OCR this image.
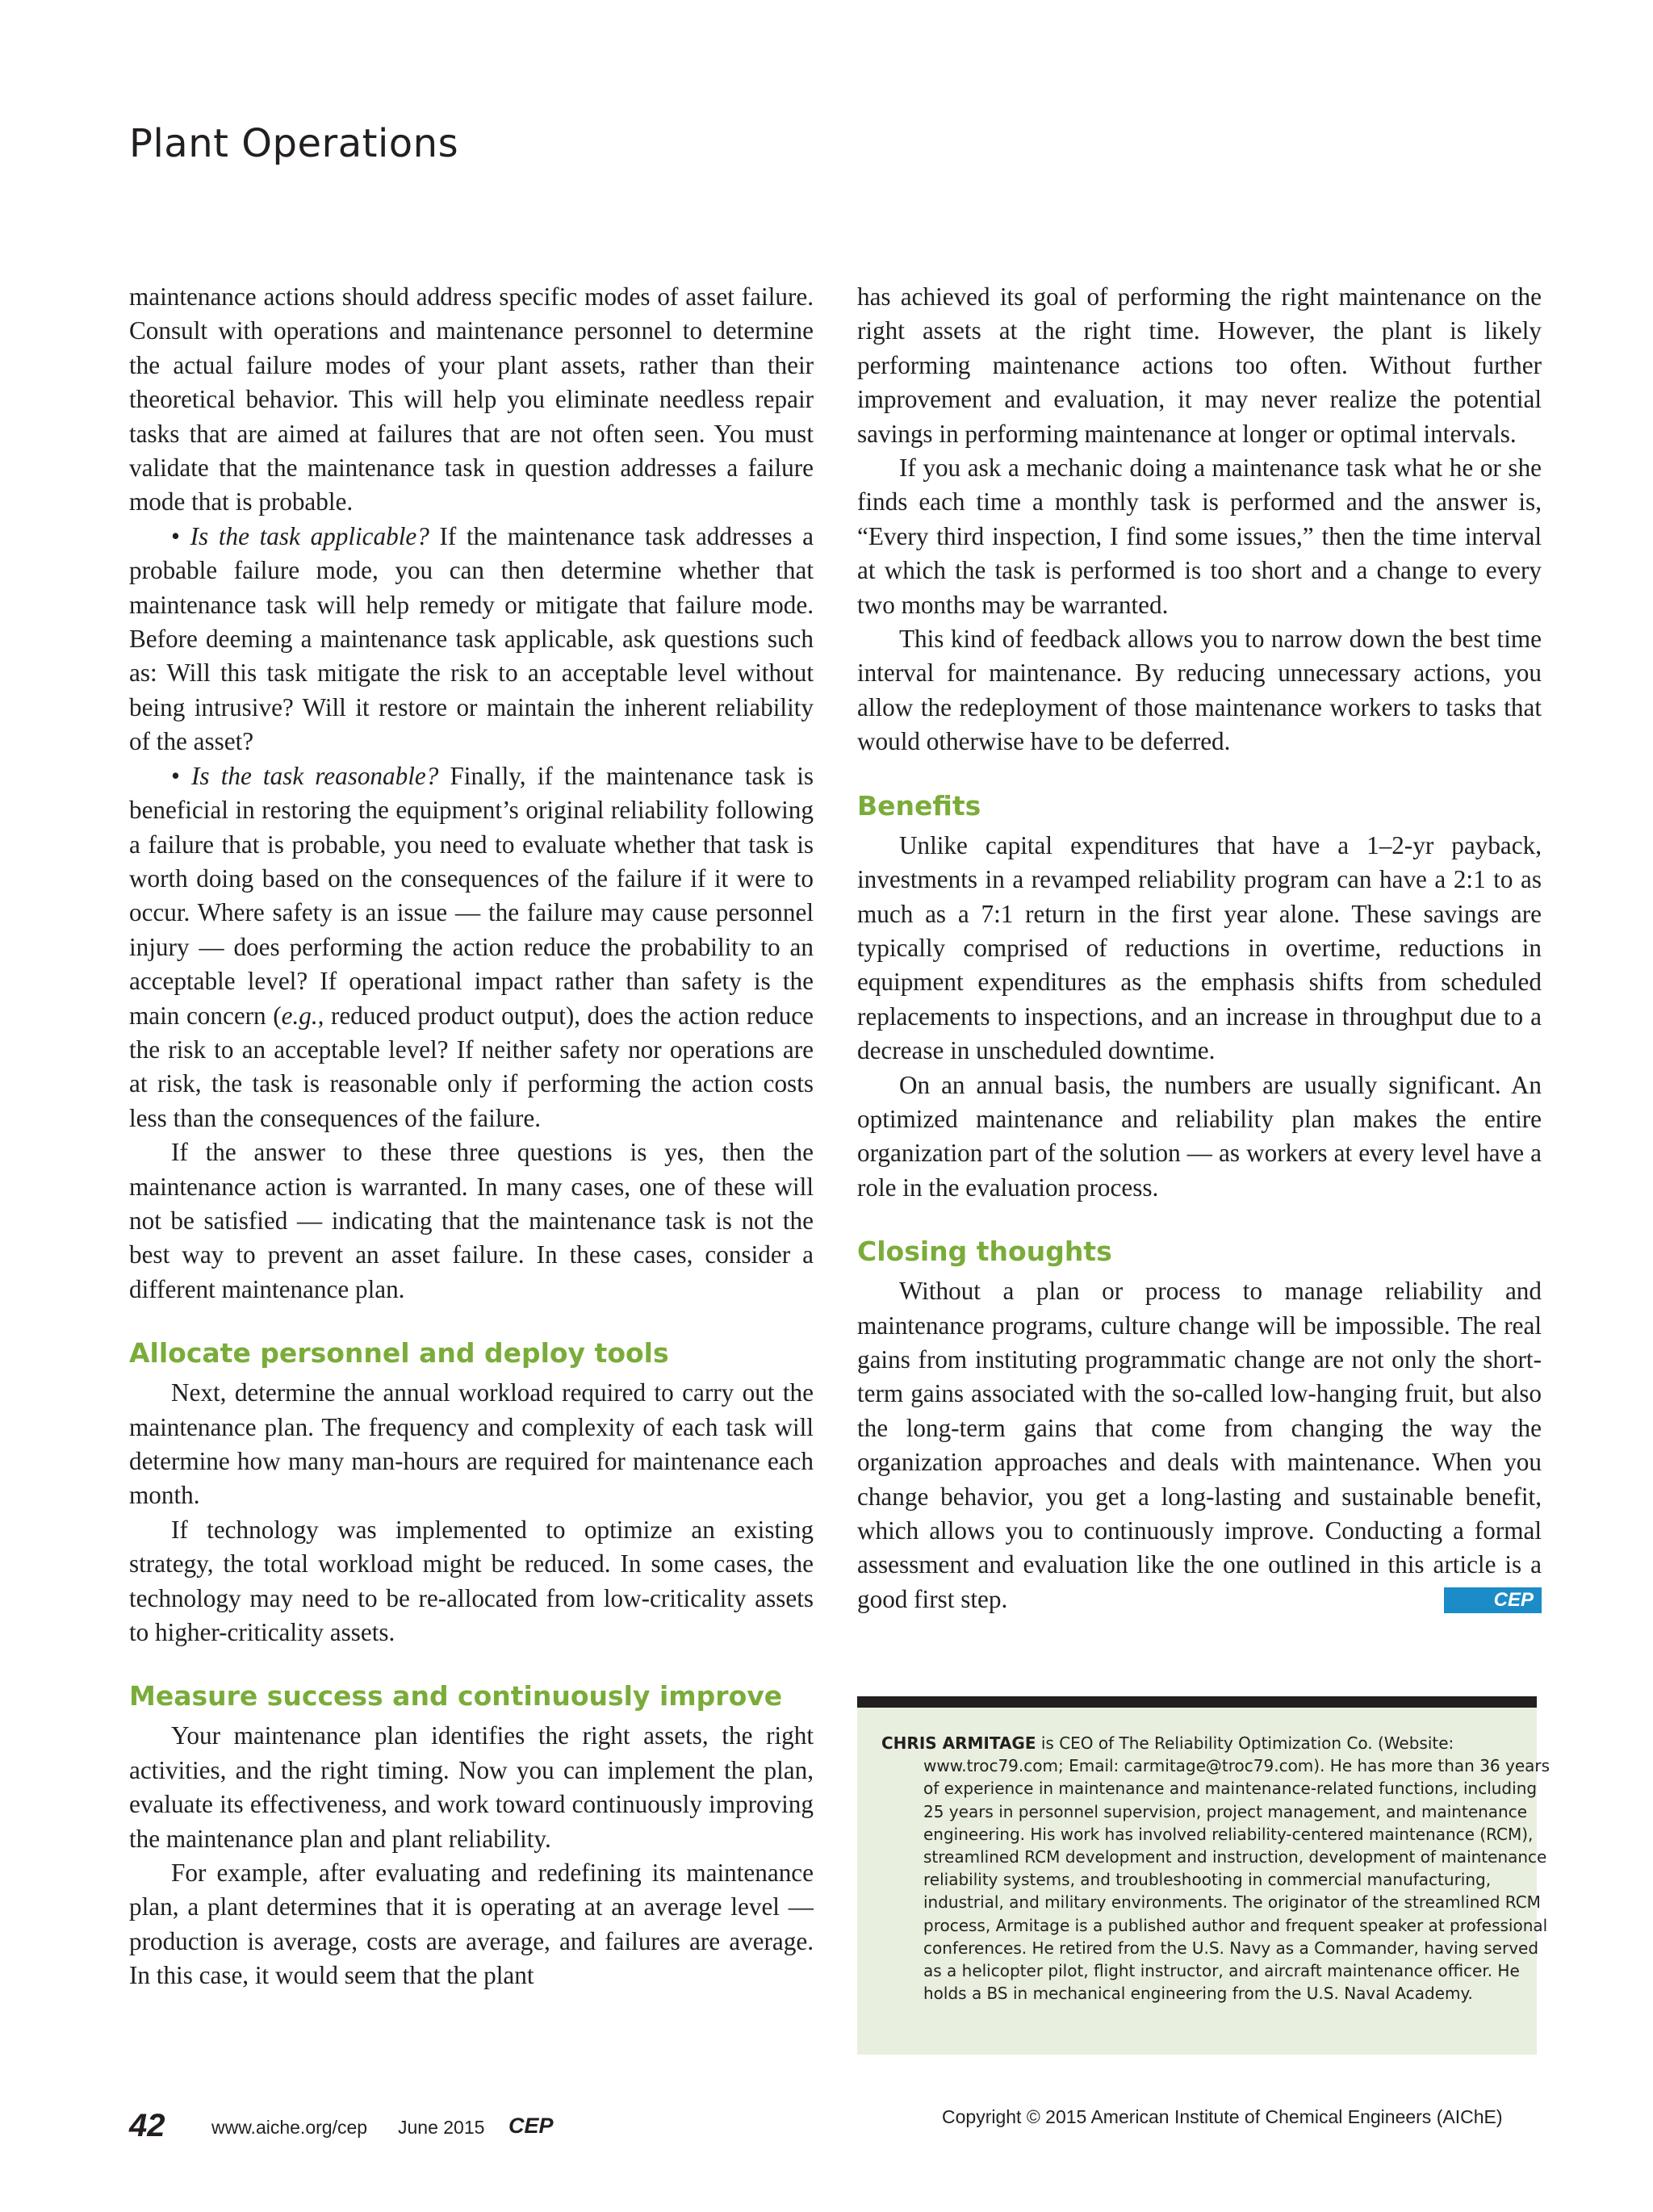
Plant Operations

maintenance actions should address specific modes of asset failure. Consult with operations and maintenance personnel to determine the actual failure modes of your plant assets, rather than their theoretical behavior. This will help you eliminate needless repair tasks that are aimed at failures that are not often seen. You must validate that the maintenance task in question addresses a failure mode that is probable.

• Is the task applicable? If the maintenance task addresses a probable failure mode, you can then determine whether that maintenance task will help remedy or mitigate that failure mode. Before deeming a maintenance task applicable, ask questions such as: Will this task mitigate the risk to an acceptable level without being intrusive? Will it restore or maintain the inherent reliability of the asset?

• Is the task reasonable? Finally, if the maintenance task is beneficial in restoring the equipment’s original reliability following a failure that is probable, you need to evaluate whether that task is worth doing based on the consequences of the failure if it were to occur. Where safety is an issue — the failure may cause personnel injury — does performing the action reduce the probability to an acceptable level? If operational impact rather than safety is the main concern (e.g., reduced product output), does the action reduce the risk to an acceptable level? If neither safety nor operations are at risk, the task is reasonable only if performing the action costs less than the consequences of the failure.

If the answer to these three questions is yes, then the maintenance action is warranted. In many cases, one of these will not be satisfied — indicating that the maintenance task is not the best way to prevent an asset failure. In these cases, consider a different maintenance plan.

Allocate personnel and deploy tools

Next, determine the annual workload required to carry out the maintenance plan. The frequency and complexity of each task will determine how many man-hours are required for maintenance each month.

If technology was implemented to optimize an existing strategy, the total workload might be reduced. In some cases, the technology may need to be re-allocated from low-criticality assets to higher-criticality assets.

Measure success and continuously improve

Your maintenance plan identifies the right assets, the right activities, and the right timing. Now you can implement the plan, evaluate its effectiveness, and work toward continuously improving the maintenance plan and plant reliability.

For example, after evaluating and redefining its maintenance plan, a plant determines that it is operating at an average level — production is average, costs are average, and failures are average. In this case, it would seem that the plant

has achieved its goal of performing the right maintenance on the right assets at the right time. However, the plant is likely performing maintenance actions too often. Without further improvement and evaluation, it may never realize the potential savings in performing maintenance at longer or optimal intervals.

If you ask a mechanic doing a maintenance task what he or she finds each time a monthly task is performed and the answer is, “Every third inspection, I find some issues,” then the time interval at which the task is performed is too short and a change to every two months may be warranted.

This kind of feedback allows you to narrow down the best time interval for maintenance. By reducing unnecessary actions, you allow the redeployment of those maintenance workers to tasks that would otherwise have to be deferred.

Benefits

Unlike capital expenditures that have a 1–2-yr payback, investments in a revamped reliability program can have a 2:1 to as much as a 7:1 return in the first year alone. These savings are typically comprised of reductions in overtime, reductions in equipment expenditures as the emphasis shifts from scheduled replacements to inspections, and an increase in throughput due to a decrease in unscheduled downtime.

On an annual basis, the numbers are usually significant. An optimized maintenance and reliability plan makes the entire organization part of the solution — as workers at every level have a role in the evaluation process.

Closing thoughts

Without a plan or process to manage reliability and maintenance programs, culture change will be impossible. The real gains from instituting programmatic change are not only the short-term gains associated with the so-called low-hanging fruit, but also the long-term gains that come from changing the way the organization approaches and deals with maintenance. When you change behavior, you get a long-lasting and sustainable benefit, which allows you to continuously improve. Conducting a formal assessment and evaluation like the one outlined in this article is a good first step.	CEP

CHRIS ARMITAGE is CEO of The Reliability Optimization Co. (Website: www.troc79.com; Email: carmitage@troc79.com). He has more than 36 years of experience in maintenance and maintenance-related functions, including 25 years in personnel supervision, project management, and maintenance engineering. His work has involved reliability-centered maintenance (RCM), streamlined RCM development and instruction, development of maintenance reliability systems, and troubleshooting in commercial manufacturing, industrial, and military environments. The originator of the streamlined RCM process, Armitage is a published author and frequent speaker at professional conferences. He retired from the U.S. Navy as a Commander, having served as a helicopter pilot, flight instructor, and aircraft maintenance officer. He holds a BS in mechanical engineering from the U.S. Naval Academy.
42	www.aiche.org/cep June 2015 CEP	Copyright © 2015 American Institute of Chemical Engineers (AIChE)
